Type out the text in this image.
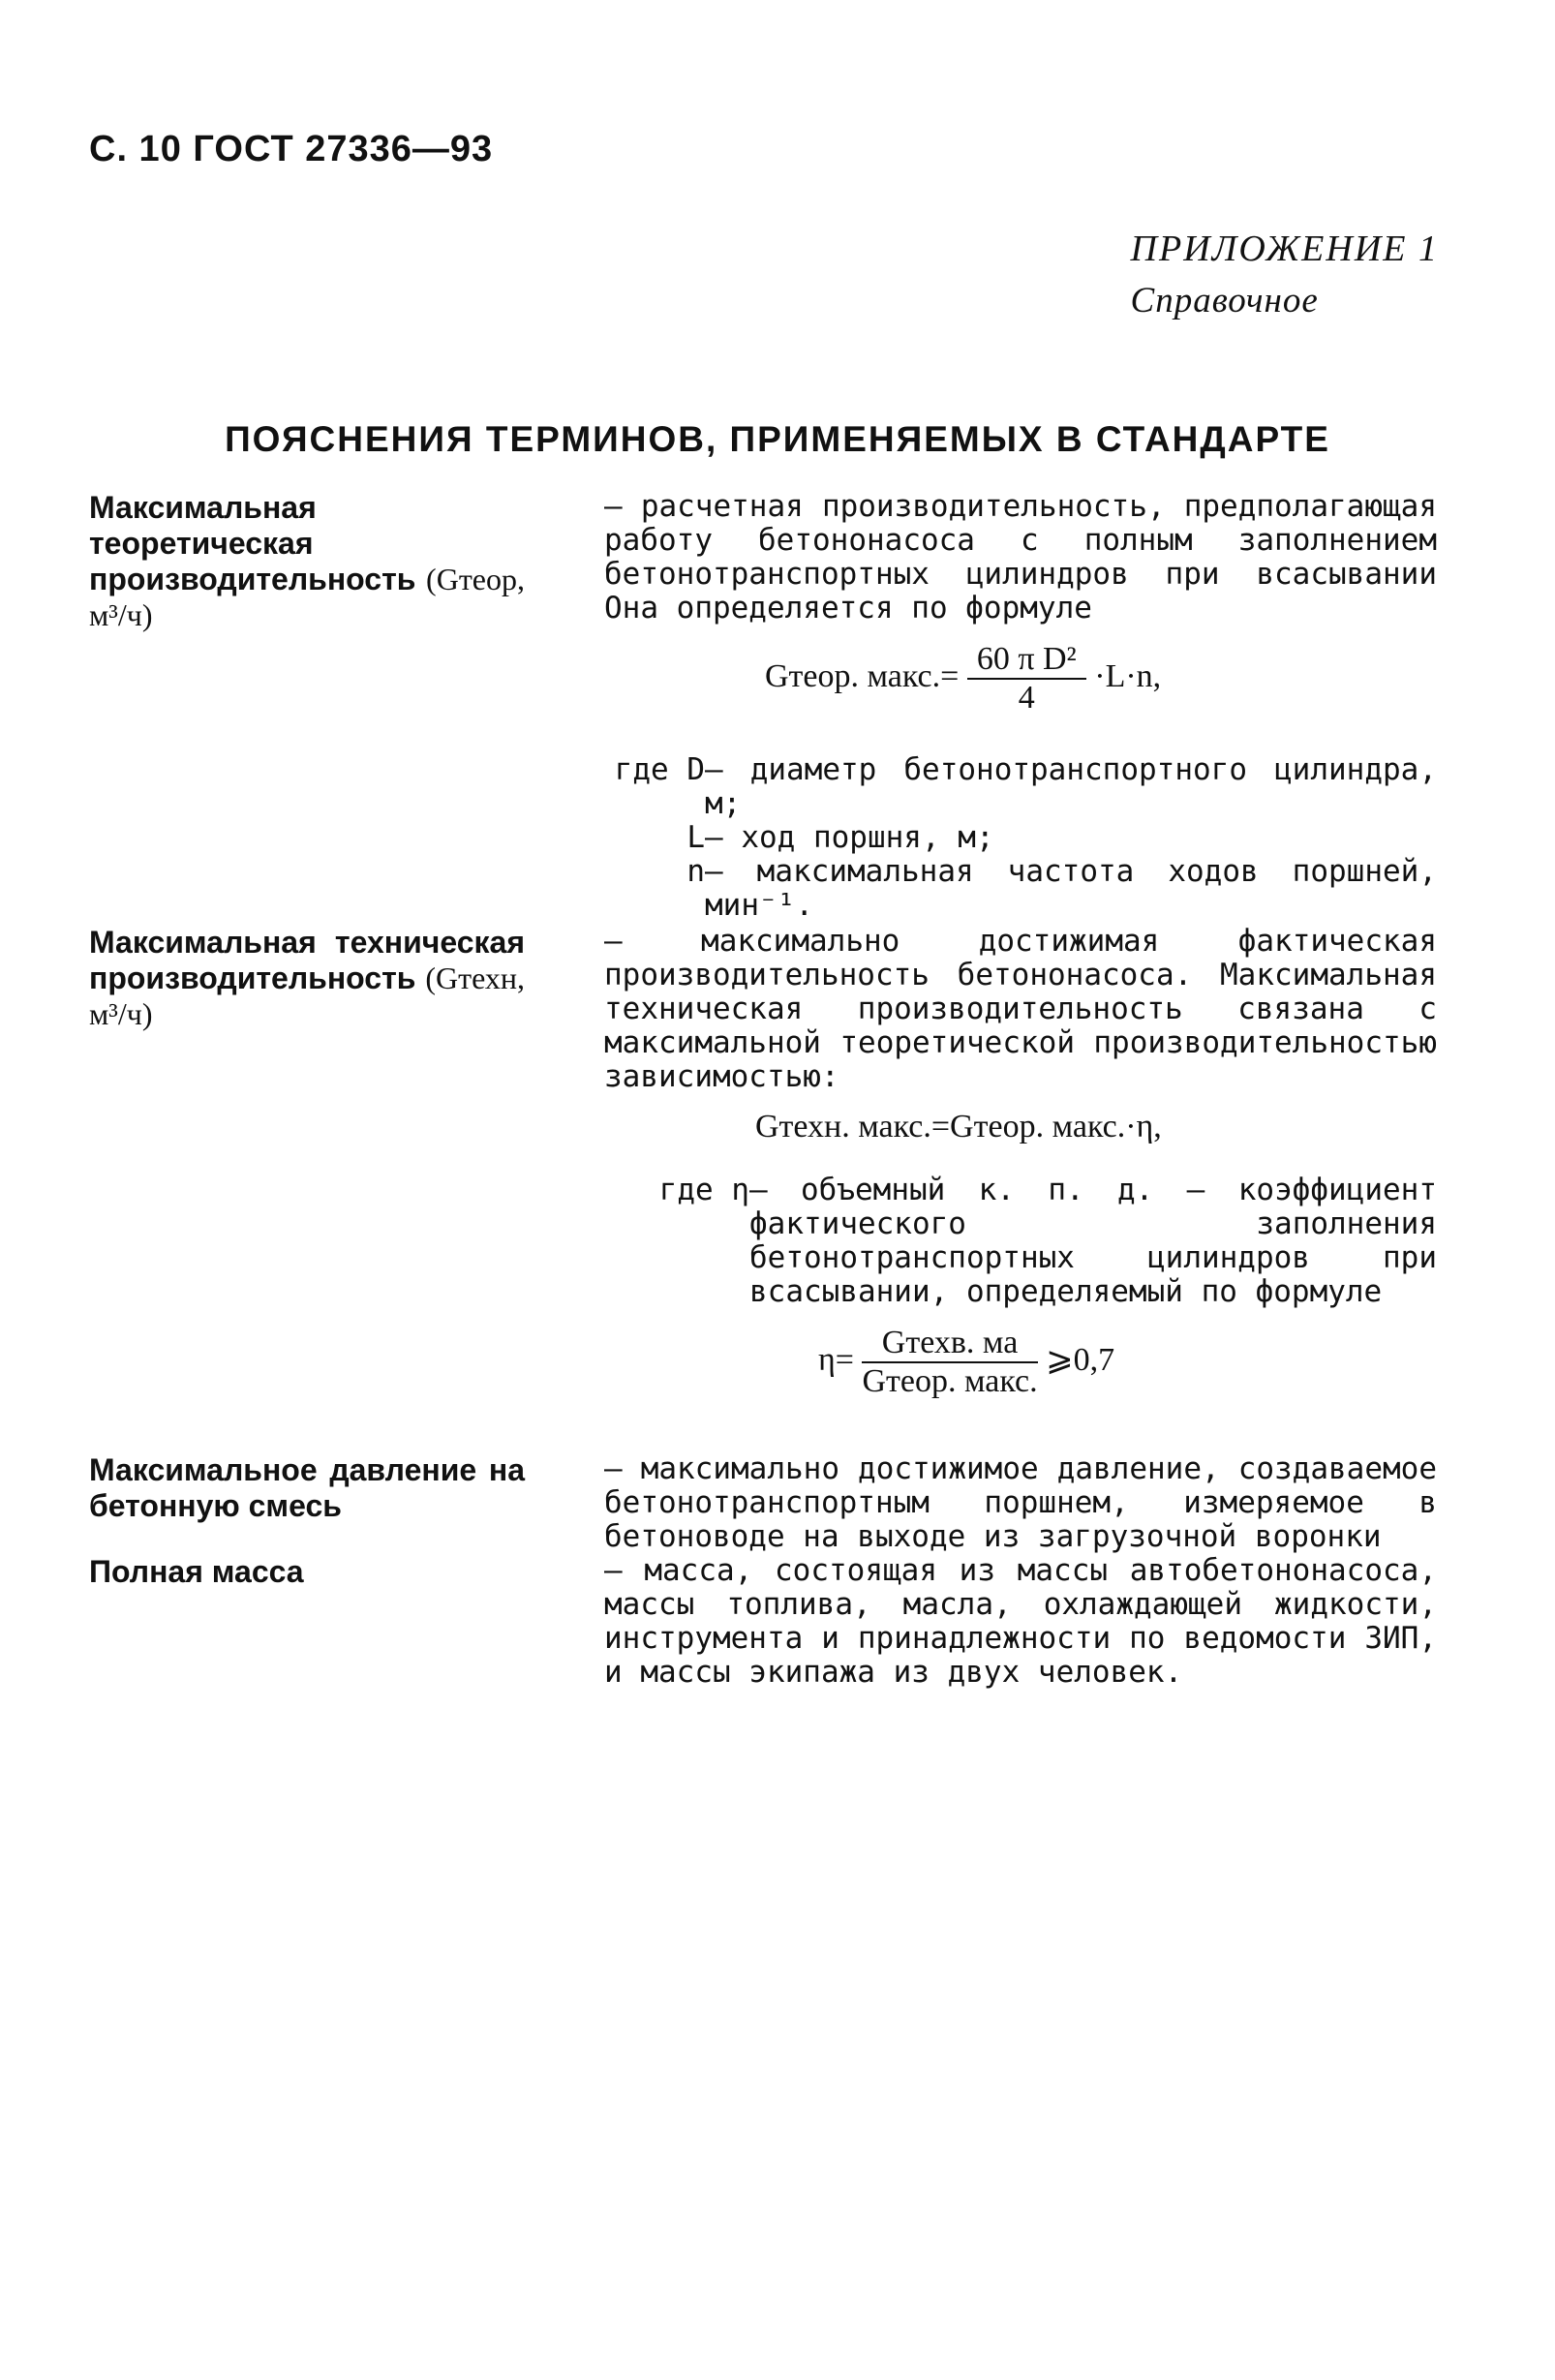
С. 10 ГОСТ 27336—93
ПРИЛОЖЕНИЕ 1
Справочное
ПОЯСНЕНИЯ ТЕРМИНОВ, ПРИМЕНЯЕМЫХ В СТАНДАРТЕ
Максимальная теоретическая производительность (Gтеор, м³/ч)

— расчетная производительность, предполагающая работу бетононасоса с полным заполнением бетонотранспортных цилиндров при всасывании Она определяется по формуле

Gтеор. макс.= $\frac{\text{60 π D²}}{4} \cdot L\cdot n$,
где D — диаметр бетонотранспортного цилиндра, м;
L — ход поршня, м;
n — максимальная частота ходов поршней, мин⁻¹.
Максимальная техническая производительность (Gтехн, м³/ч)

— максимально достижимая фактическая производительность бетононасоса. Максимальная техническая производительность связана с максимальной теоретической производительностью зависимостью:

Gтехн. макс.=Gтеор. макс.·η,
где η — объемный к. п. д. — коэффициент фактического заполнения бетонотранспортных цилиндров при всасывании, определяемый по формуле
$\eta= \frac{\text{Gтехв. ма}}{\text{Gтеор. макс.}}$ ⩾0,7
Максимальное давление на бетонную смесь

— максимально достижимое давление, создаваемое бетонотранспортным поршнем, измеряемое в бетоноводе на выходе из загрузочной воронки

Полная масса	— масса, состоящая из массы автобетононасоса, массы топлива, масла, охлаждающей жидкости, инструмента и принадлежности по ведомости ЗИП, и массы экипажа из двух человек.
